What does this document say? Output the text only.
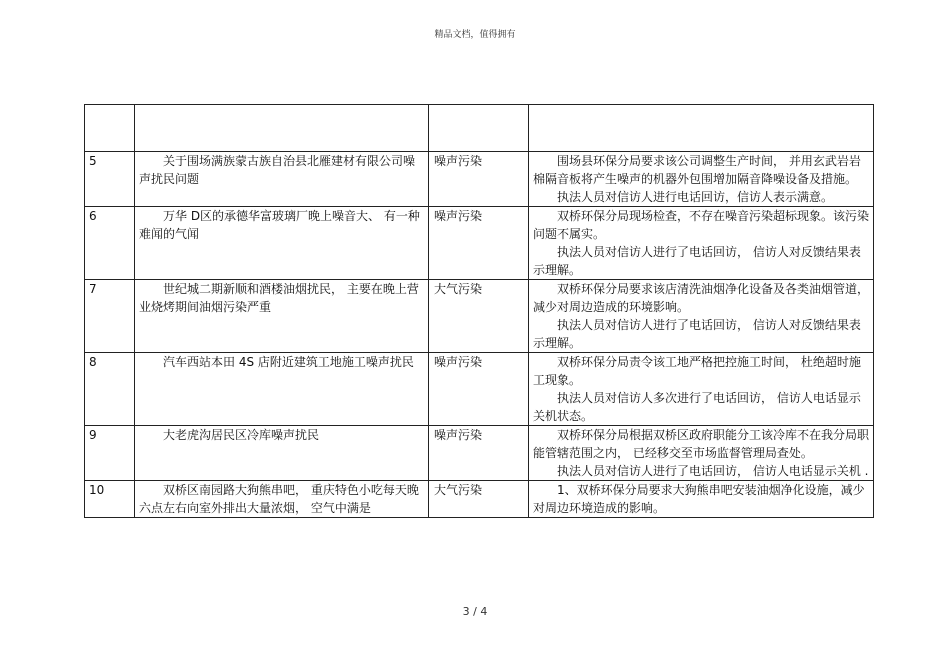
精品文档，值得拥有

5	关于围场满族蒙古族自治县北雁建材有限公司噪声扰民问题	噪声污染	围场县环保分局要求该公司调整生产时间， 并用玄武岩岩棉隔音板将产生噪声的机器外包围增加隔音降噪设备及措施。

执法人员对信访人进行电话回访，信访人表示满意。

6	万华 D区的承德华富玻璃厂晚上噪音大、 有一种难闻的气闻	噪声污染	双桥环保分局现场检查，不存在噪音污染超标现象。该污染问题不属实。

执法人员对信访人进行了电话回访， 信访人对反馈结果表示理解。

7	世纪城二期新顺和酒楼油烟扰民， 主要在晚上营业烧烤期间油烟污染严重	大气污染	双桥环保分局要求该店清洗油烟净化设备及各类油烟管道，减少对周边造成的环境影响。

执法人员对信访人进行了电话回访， 信访人对反馈结果表示理解。

8	汽车西站本田 4S 店附近建筑工地施工噪声扰民	噪声污染	双桥环保分局责令该工地严格把控施工时间， 杜绝超时施工现象。

执法人员对信访人多次进行了电话回访， 信访人电话显示关机状态。

9	大老虎沟居民区冷库噪声扰民	噪声污染	双桥环保分局根据双桥区政府职能分工该冷库不在我分局职能管辖范围之内， 已经移交至市场监督管理局查处。

执法人员对信访人进行了电话回访， 信访人电话显示关机 .

10	双桥区南园路大狗熊串吧， 重庆特色小吃每天晚六点左右向室外排出大量浓烟， 空气中满是	大气污染	1、双桥环保分局要求大狗熊串吧安装油烟净化设施，减少对周边环境造成的影响。

3 / 4
